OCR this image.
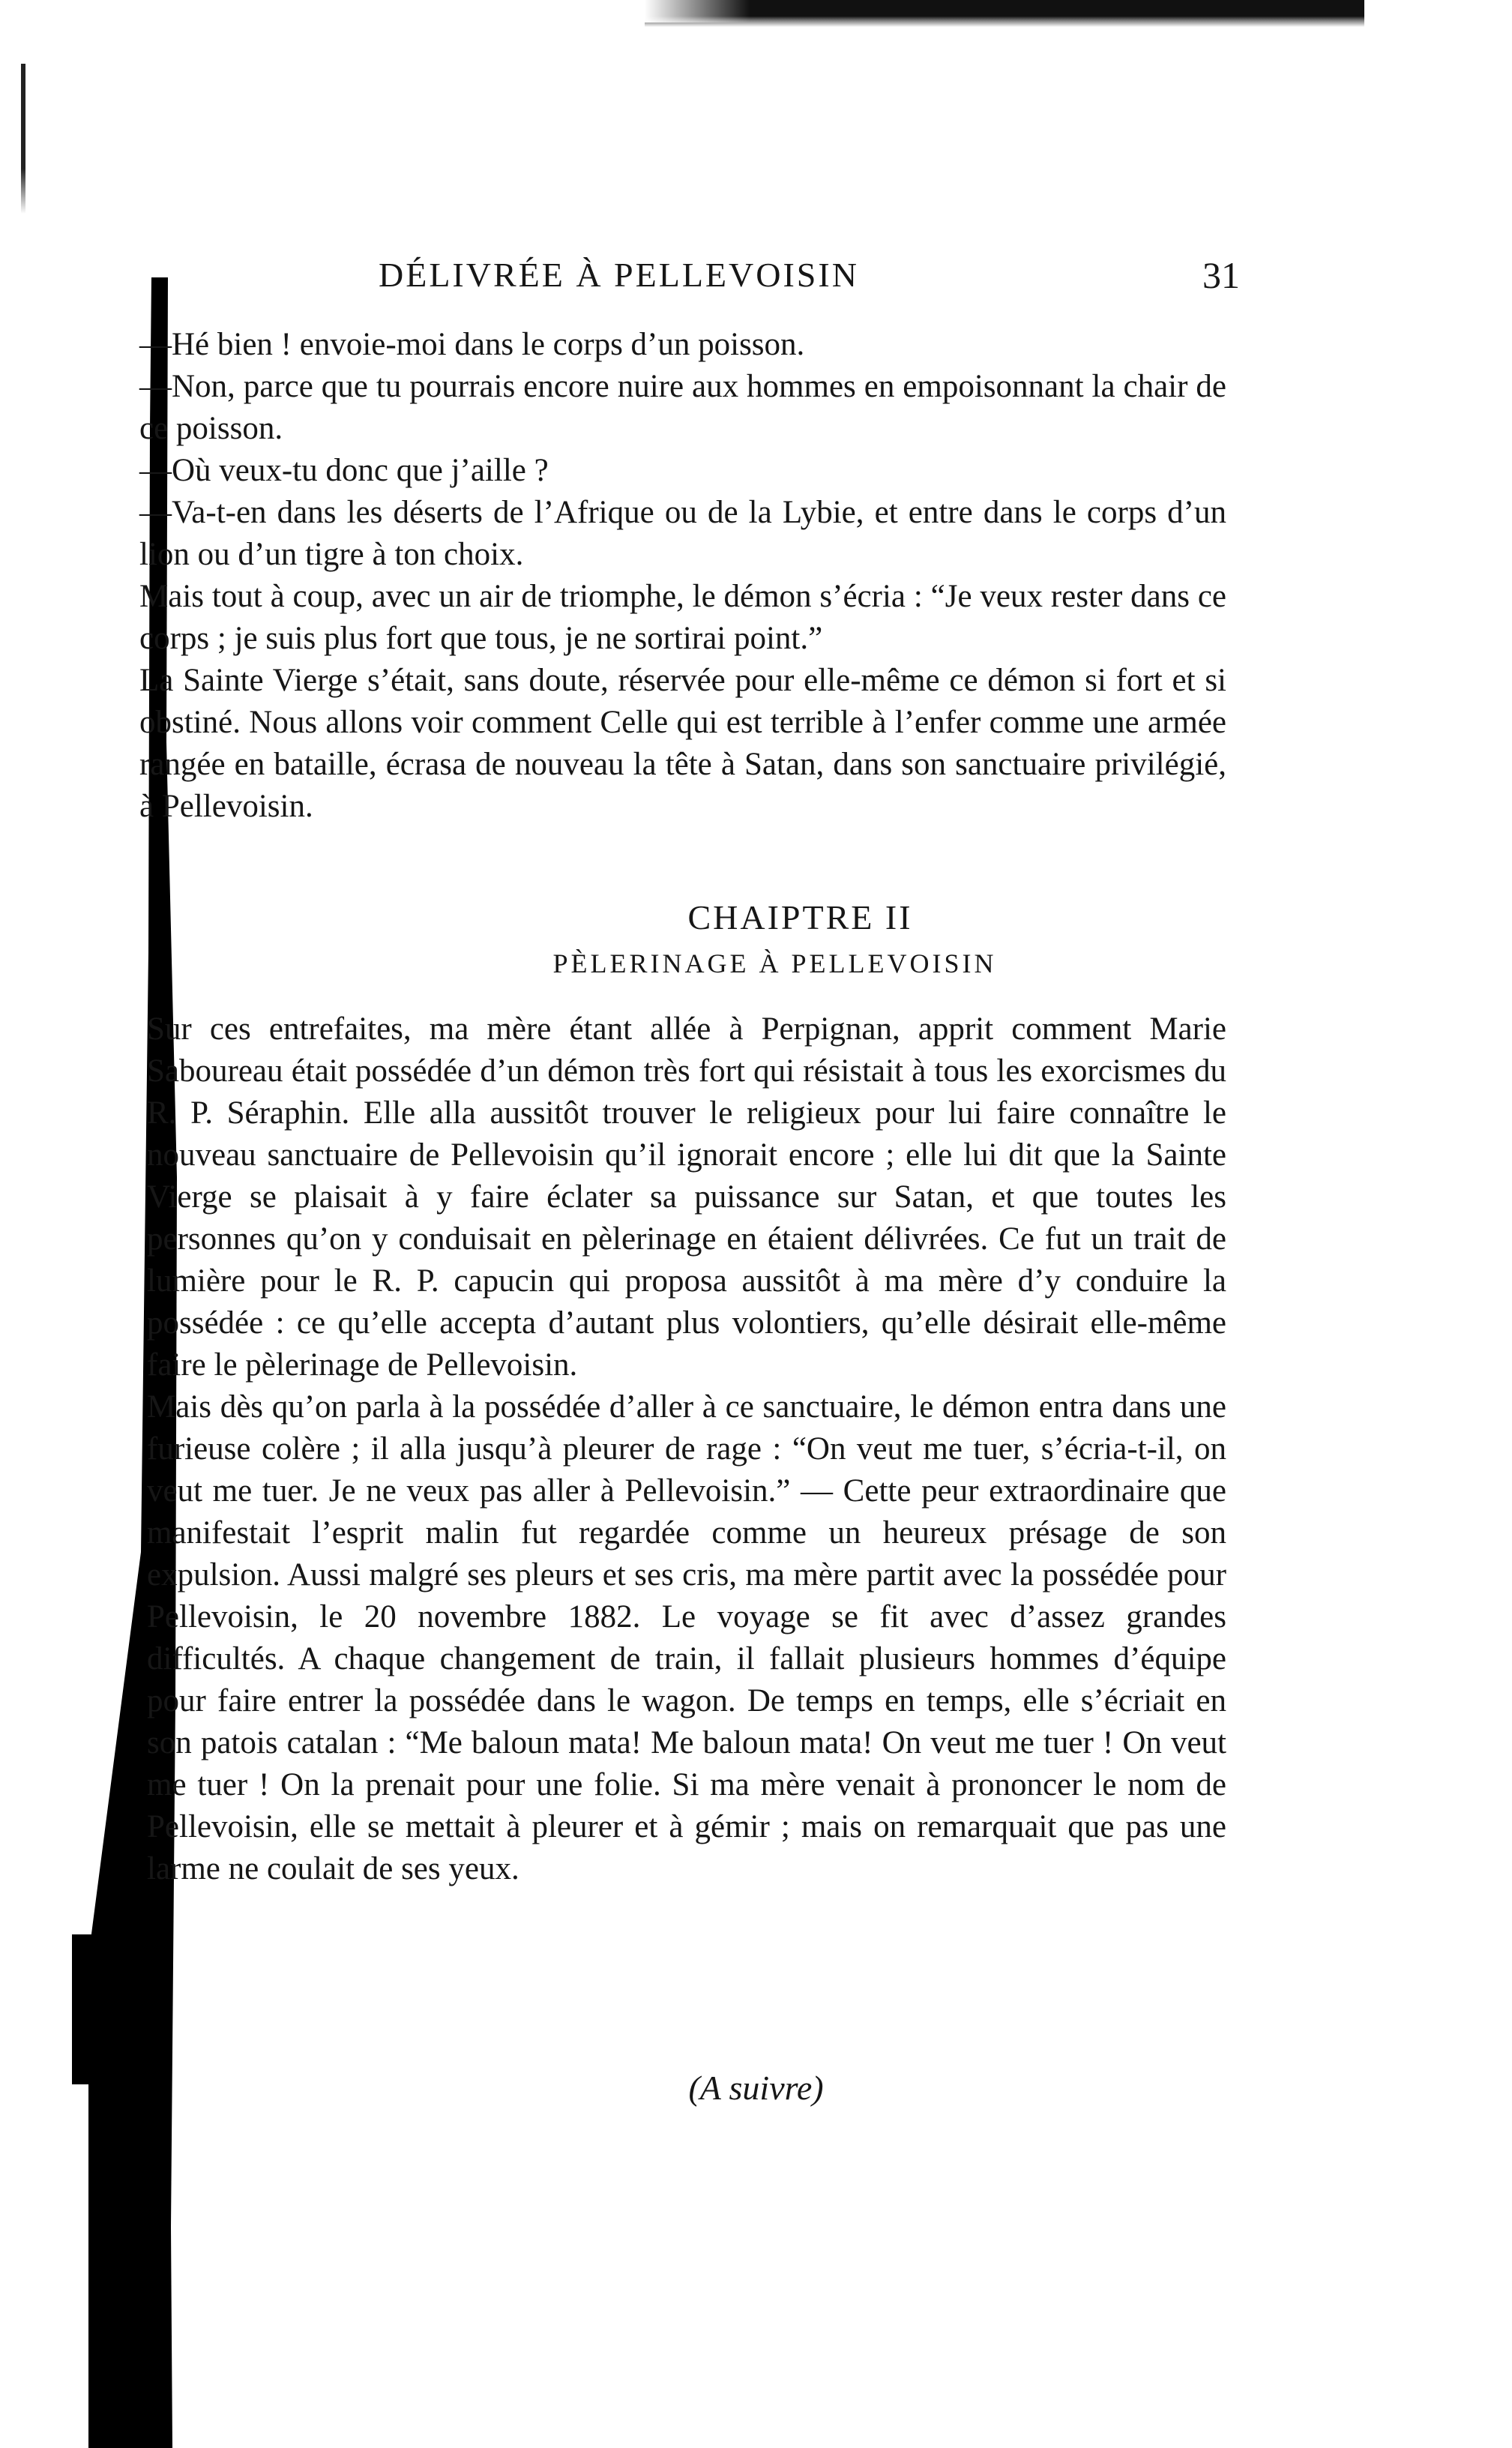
DÉLIVRÉE À PELLEVOISIN	31

—Hé bien ! envoie-moi dans le corps d’un poisson.

—Non, parce que tu pourrais encore nuire aux hommes en empoisonnant la chair de ce poisson.

—Où veux-tu donc que j’aille ?

—Va-t-en dans les déserts de l’Afrique ou de la Lybie, et entre dans le corps d’un lion ou d’un tigre à ton choix.

Mais tout à coup, avec un air de triomphe, le démon s’écria : “Je veux rester dans ce corps ; je suis plus fort que tous, je ne sortirai point.”

La Sainte Vierge s’était, sans doute, réservée pour elle-même ce démon si fort et si obstiné. Nous allons voir comment Celle qui est terrible à l’enfer comme une armée rangée en bataille, écrasa de nouveau la tête à Satan, dans son sanctuaire privilégié, à Pellevoisin.

CHAIPTRE II
PÈLERINAGE À PELLEVOISIN

Sur ces entrefaites, ma mère étant allée à Perpignan, apprit comment Marie Saboureau était possédée d’un démon très fort qui résistait à tous les exorcismes du R. P. Séraphin. Elle alla aussitôt trouver le religieux pour lui faire connaître le nouveau sanctuaire de Pellevoisin qu’il ignorait encore ; elle lui dit que la Sainte Vierge se plaisait à y faire éclater sa puissance sur Satan, et que toutes les personnes qu’on y conduisait en pèlerinage en étaient délivrées. Ce fut un trait de lumière pour le R. P. capucin qui proposa aussitôt à ma mère d’y conduire la possédée : ce qu’elle accepta d’autant plus volontiers, qu’elle désirait elle-même faire le pèlerinage de Pellevoisin.

Mais dès qu’on parla à la possédée d’aller à ce sanctuaire, le démon entra dans une furieuse colère ; il alla jusqu’à pleurer de rage : “On veut me tuer, s’écria-t-il, on veut me tuer. Je ne veux pas aller à Pellevoisin.” — Cette peur extraordinaire que manifestait l’esprit malin fut regardée comme un heureux présage de son expulsion. Aussi malgré ses pleurs et ses cris, ma mère partit avec la possédée pour Pellevoisin, le 20 novembre 1882. Le voyage se fit avec d’assez grandes difficultés. A chaque changement de train, il fallait plusieurs hommes d’équipe pour faire entrer la possédée dans le wagon. De temps en temps, elle s’écriait en son patois catalan : “Me baloun mata! Me baloun mata! On veut me tuer ! On veut me tuer ! On la prenait pour une folie. Si ma mère venait à prononcer le nom de Pellevoisin, elle se mettait à pleurer et à gémir ; mais on remarquait que pas une larme ne coulait de ses yeux.

(A suivre)
